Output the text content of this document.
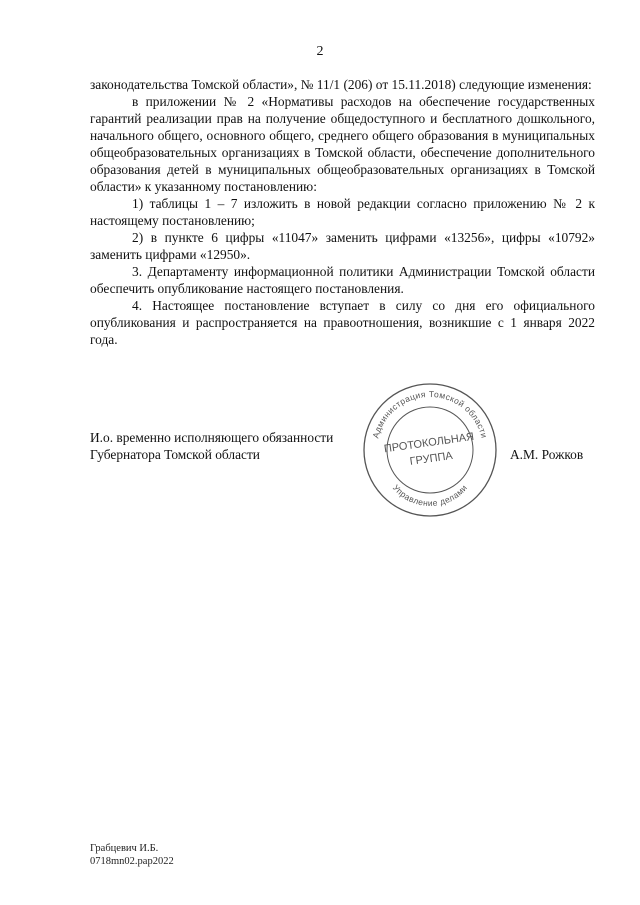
2

законодательства Томской области», № 11/1 (206) от 15.11.2018) следующие изменения:

в приложении № 2 «Нормативы расходов на обеспечение государственных гарантий реализации прав на получение общедоступного и бесплатного дошкольного, начального общего, основного общего, среднего общего образования в муниципальных общеобразовательных организациях в Томской области, обеспечение дополнительного образования детей в муниципальных общеобразовательных организациях в Томской области» к указанному постановлению:

1) таблицы 1 – 7 изложить в новой редакции согласно приложению № 2 к настоящему постановлению;

2) в пункте 6 цифры «11047» заменить цифрами «13256», цифры «10792» заменить цифрами «12950».

3. Департаменту информационной политики Администрации Томской области обеспечить опубликование настоящего постановления.

4. Настоящее постановление вступает в силу со дня его официального опубликования и распространяется на правоотношения, возникшие с 1 января 2022 года.

И.о. временно исполняющего обязанности
Губернатора Томской области
Администрация Томской области
Управление делами
ПРОТОКОЛЬНАЯ
ГРУППА	А.М. Рожков
Грабцевич И.Б.
0718mn02.pap2022
